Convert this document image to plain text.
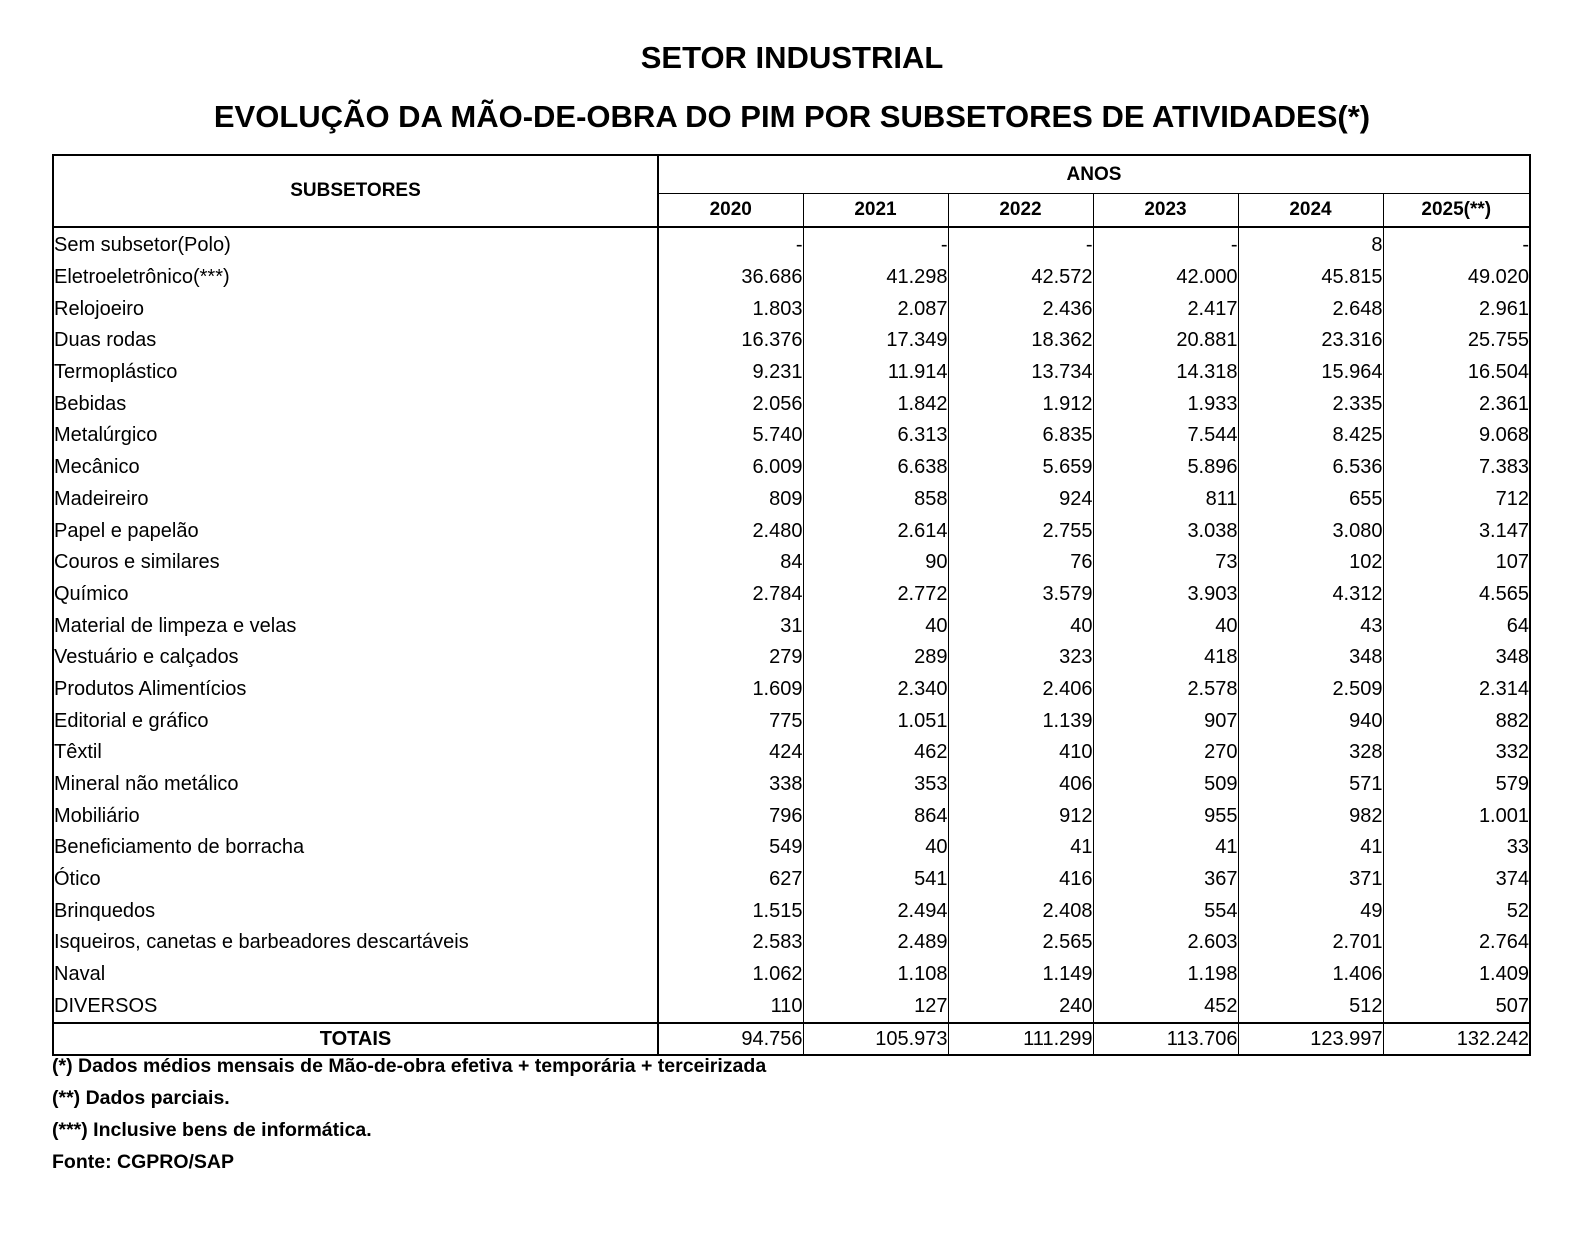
SETOR INDUSTRIAL
EVOLUÇÃO DA MÃO-DE-OBRA DO PIM POR SUBSETORES DE ATIVIDADES(*)
SUBSETORES	ANOS					
	2020	2021	2022	2023	2024	2025(**)
Sem subsetor(Polo)	-	-	-	-	8	-
Eletroeletrônico(***)	36.686	41.298	42.572	42.000	45.815	49.020
Relojoeiro	1.803	2.087	2.436	2.417	2.648	2.961
Duas rodas	16.376	17.349	18.362	20.881	23.316	25.755
Termoplástico	9.231	11.914	13.734	14.318	15.964	16.504
Bebidas	2.056	1.842	1.912	1.933	2.335	2.361
Metalúrgico	5.740	6.313	6.835	7.544	8.425	9.068
Mecânico	6.009	6.638	5.659	5.896	6.536	7.383
Madeireiro	809	858	924	811	655	712
Papel e papelão	2.480	2.614	2.755	3.038	3.080	3.147
Couros e similares	84	90	76	73	102	107
Químico	2.784	2.772	3.579	3.903	4.312	4.565
Material de limpeza e velas	31	40	40	40	43	64
Vestuário e calçados	279	289	323	418	348	348
Produtos Alimentícios	1.609	2.340	2.406	2.578	2.509	2.314
Editorial e gráfico	775	1.051	1.139	907	940	882
Têxtil	424	462	410	270	328	332
Mineral não metálico	338	353	406	509	571	579
Mobiliário	796	864	912	955	982	1.001
Beneficiamento de borracha	549	40	41	41	41	33
Ótico	627	541	416	367	371	374
Brinquedos	1.515	2.494	2.408	554	49	52
Isqueiros, canetas e barbeadores descartáveis	2.583	2.489	2.565	2.603	2.701	2.764
Naval	1.062	1.108	1.149	1.198	1.406	1.409
DIVERSOS	110	127	240	452	512	507
TOTAIS	94.756	105.973	111.299	113.706	123.997	132.242
(*) Dados médios mensais de Mão-de-obra efetiva + temporária + terceirizada
(**) Dados parciais.
(***) Inclusive bens de informática.
Fonte: CGPRO/SAP
